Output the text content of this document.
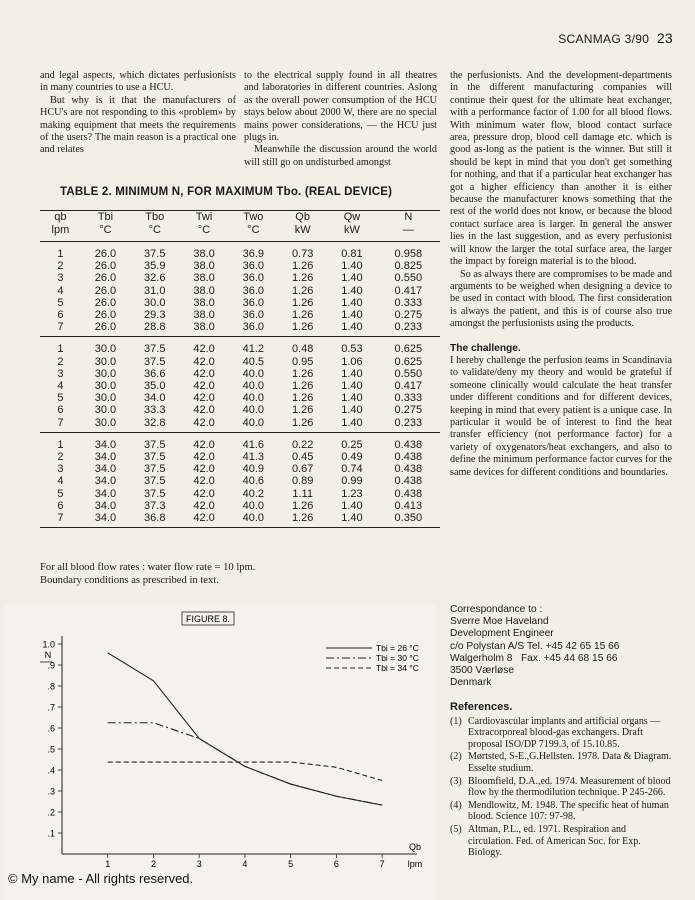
SCANMAG 3/90 23

and legal aspects, which dictates perfusionists in many countries to use a HCU.

But why is it that the manufacturers of HCU's are not responding to this «problem» by making equipment that meets the requirements of the users? The main reason is a practical one and relates

to the electrical supply found in all theatres and laboratories in different countries. Aslong as the overall power consumption of the HCU stays below about 2000 W, there are no special mains power considerations, — the HCU just plugs in.

Meanwhile the discussion around the world will still go on undisturbed amongst

the perfusionists. And the development-departments in the different manufacturing companies will continue their quest for the ultimate heat exchanger, with a performance factor of 1.00 for all blood flows. With minimum water flow, blood contact surface area, pressure drop, blood cell damage etc. which is good as-long as the patient is the winner. But still it should be kept in mind that you don't get something for nothing, and that if a particular heat exchanger has got a higher efficiency than another it is either because the manufacturer knows something that the rest of the world does not know, or because the blood contact surface area is larger. In general the answer lies in the last suggestion, and as every perfusionist will know the larger the total surface area, the larger the impact by foreign material is to the blood.

So as always there are compromises to be made and arguments to be weighed when designing a device to be used in contact with blood. The first consideration is always the patient, and this is of course also true amongst the perfusionists using the products.

The challenge.
I hereby challenge the perfusion teams in Scandinavia to validate/deny my theory and would be grateful if someone clinically would calculate the heat transfer under different conditions and for different devices, keeping in mind that every patient is a unique case. In particular it would be of interest to find the heat transfer efficiency (not performance factor) for a variety of oxygenators/heat exchangers, and also to define the minimum performance factor curves for the same devices for different conditions and boundaries.

TABLE 2. MINIMUM N, FOR MAXIMUM Tbo. (REAL DEVICE)
qb	Tbi	Tbo	Twi	Two	Qb	Qw	N
lpm	°C	°C	°C	°C	kW	kW	—
1	26.0	37.5	38.0	36.9	0.73	0.81	0.958
2	26.0	35.9	38.0	36.0	1.26	1.40	0.825
3	26.0	32.6	38.0	36.0	1.26	1.40	0.550
4	26.0	31.0	38.0	36.0	1.26	1.40	0.417
5	26.0	30.0	38.0	36.0	1.26	1.40	0.333
6	26.0	29.3	38.0	36.0	1.26	1.40	0.275
7	26.0	28.8	38.0	36.0	1.26	1.40	0.233
1	30.0	37.5	42.0	41.2	0.48	0.53	0.625
2	30.0	37.5	42.0	40.5	0.95	1.06	0.625
3	30.0	36.6	42.0	40.0	1.26	1.40	0.550
4	30.0	35.0	42.0	40.0	1.26	1.40	0.417
5	30.0	34.0	42.0	40.0	1.26	1.40	0.333
6	30.0	33.3	42.0	40.0	1.26	1.40	0.275
7	30.0	32.8	42.0	40.0	1.26	1.40	0.233
1	34.0	37.5	42.0	41.6	0.22	0.25	0.438
2	34.0	37.5	42.0	41.3	0.45	0.49	0.438
3	34.0	37.5	42.0	40.9	0.67	0.74	0.438
4	34.0	37.5	42.0	40.6	0.89	0.99	0.438
5	34.0	37.5	42.0	40.2	1.11	1.23	0.438
6	34.0	37.3	42.0	40.0	1.26	1.40	0.413
7	34.0	36.8	42.0	40.0	1.26	1.40	0.350
For all blood flow rates : water flow rate = 10 lpm.
Boundary conditions as prescribed in text.
FIGURE 8.
.1
.2
.3
.4
.5
.6
.7
.8
.9
1.0
1	2	3	4	5	6	7
N
Qb
lpm
Tbi = 26 °C
Tbi = 30 °C
Tbi = 34 °C
Correspondance to :
Sverre Moe Haveland
Development Engineer
c/o Polystan A/S Tel. +45 42 65 15 66
Walgerholm 8   Fax. +45 44 68 15 66
3500 Værløse
Denmark
References.
(1) Cardiovascular implants and artificial organs — Extracorporeal blood-gas exchangers. Draft proposal ISO/DP 7199.3, of 15.10.85.
(2) Mørtsted, S-E.,G.Hellsten. 1978. Data & Diagram. Esselte studium.
(3) Bloomfield, D.A.,ed. 1974. Measurement of blood flow by the thermodilution technique. P 245-266.
(4) Mendlowitz, M. 1948. The specific heat of human blood. Science 107: 97-98.
(5) Altman, P.L., ed. 1971. Respiration and circulation. Fed. of American Soc. for Exp. Biology.
© My name - All rights reserved.
